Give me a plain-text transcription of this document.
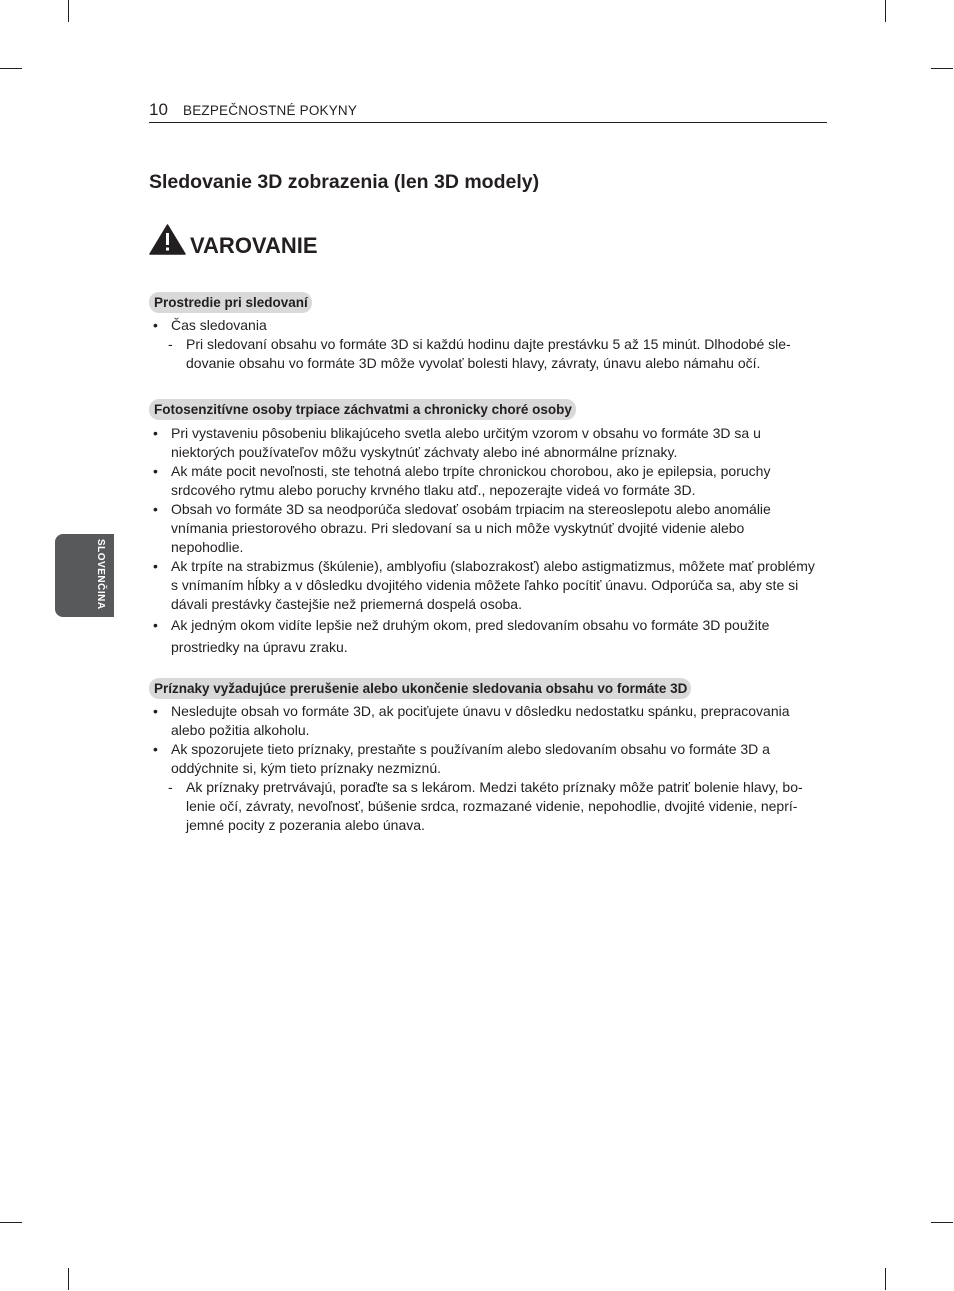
10 BEZPEČNOSTNÉ POKYNY
SLOVENČINA
Sledovanie 3D zobrazenia (len 3D modely)
VAROVANIE
Prostredie pri sledovaní
• Čas sledovania
- Pri sledovaní obsahu vo formáte 3D si každú hodinu dajte prestávku 5 až 15 minút. Dlhodobé sle-
dovanie obsahu vo formáte 3D môže vyvolať bolesti hlavy, závraty, únavu alebo námahu očí.
Fotosenzitívne osoby trpiace záchvatmi a chronicky choré osoby
• Pri vystaveniu pôsobeniu blikajúceho svetla alebo určitým vzorom v obsahu vo formáte 3D sa u
niektorých používateľov môžu vyskytnúť záchvaty alebo iné abnormálne príznaky.
• Ak máte pocit nevoľnosti, ste tehotná alebo trpíte chronickou chorobou, ako je epilepsia, poruchy
srdcového rytmu alebo poruchy krvného tlaku atď., nepozerajte videá vo formáte 3D.
• Obsah vo formáte 3D sa neodporúča sledovať osobám trpiacim na stereoslepotu alebo anomálie
vnímania priestorového obrazu. Pri sledovaní sa u nich môže vyskytnúť dvojité videnie alebo
nepohodlie.
• Ak trpíte na strabizmus (škúlenie), amblyofiu (slabozrakosť) alebo astigmatizmus, môžete mať problémy
s vnímaním hĺbky a v dôsledku dvojitého videnia môžete ľahko pocítiť únavu. Odporúča sa, aby ste si
dávali prestávky častejšie než priemerná dospelá osoba.
• Ak jedným okom vidíte lepšie než druhým okom, pred sledovaním obsahu vo formáte 3D použite
prostriedky na úpravu zraku.
Príznaky vyžadujúce prerušenie alebo ukončenie sledovania obsahu vo formáte 3D
• Nesledujte obsah vo formáte 3D, ak pociťujete únavu v dôsledku nedostatku spánku, prepracovania
alebo požitia alkoholu.
• Ak spozorujete tieto príznaky, prestaňte s používaním alebo sledovaním obsahu vo formáte 3D a
oddýchnite si, kým tieto príznaky nezmiznú.
- Ak príznaky pretrvávajú, poraďte sa s lekárom. Medzi takéto príznaky môže patriť bolenie hlavy, bo-
lenie očí, závraty, nevoľnosť, búšenie srdca, rozmazané videnie, nepohodlie, dvojité videnie, neprí-
jemné pocity z pozerania alebo únava.
